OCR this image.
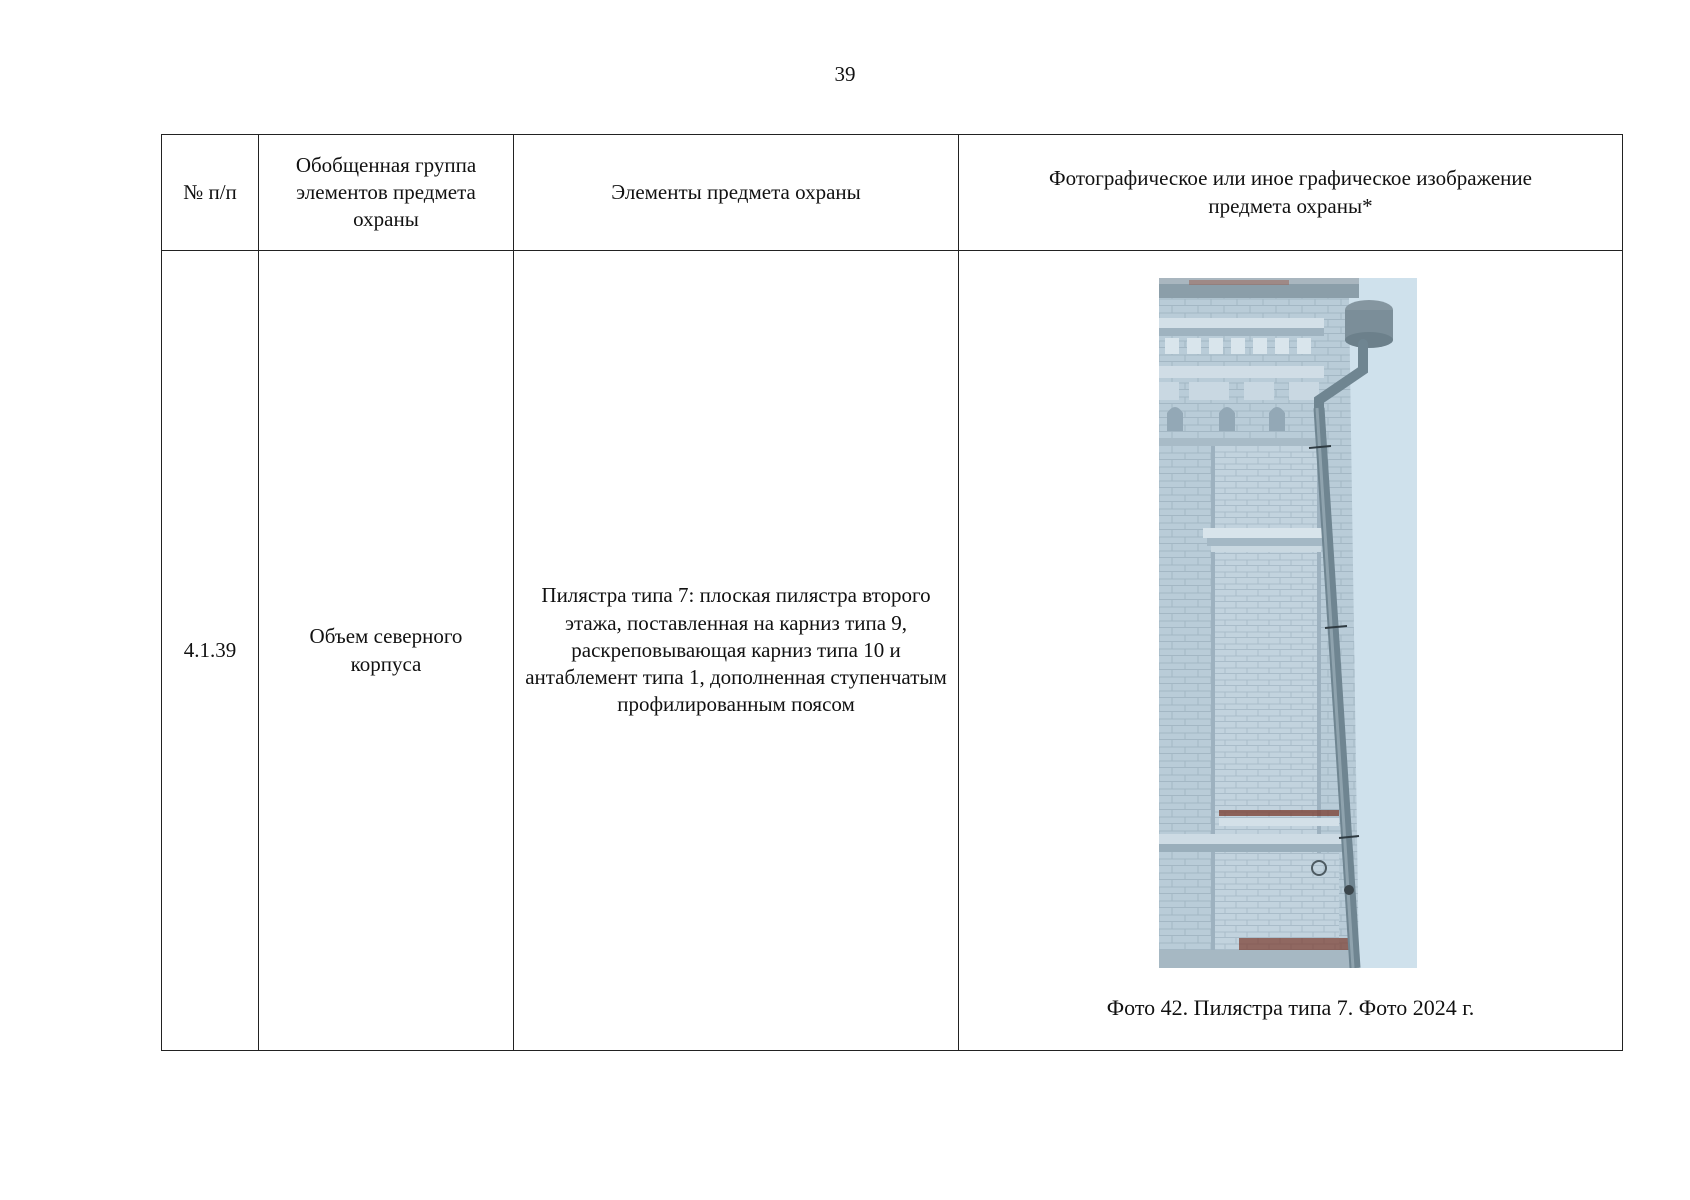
39
№ п/п	Обобщенная группа элементов предмета охраны	Элементы предмета охраны	Фотографическое или иное графическое изображение предмета охраны*

4.1.39	Объем северного корпуса	Пилястра типа 7: плоская пилястра второго этажа, поставленная на карниз типа 9, раскреповывающая карниз типа 10 и антаблемент типа 1, дополненная ступенчатым профилированным поясом	Фото 42. Пилястра типа 7. Фото 2024 г.
